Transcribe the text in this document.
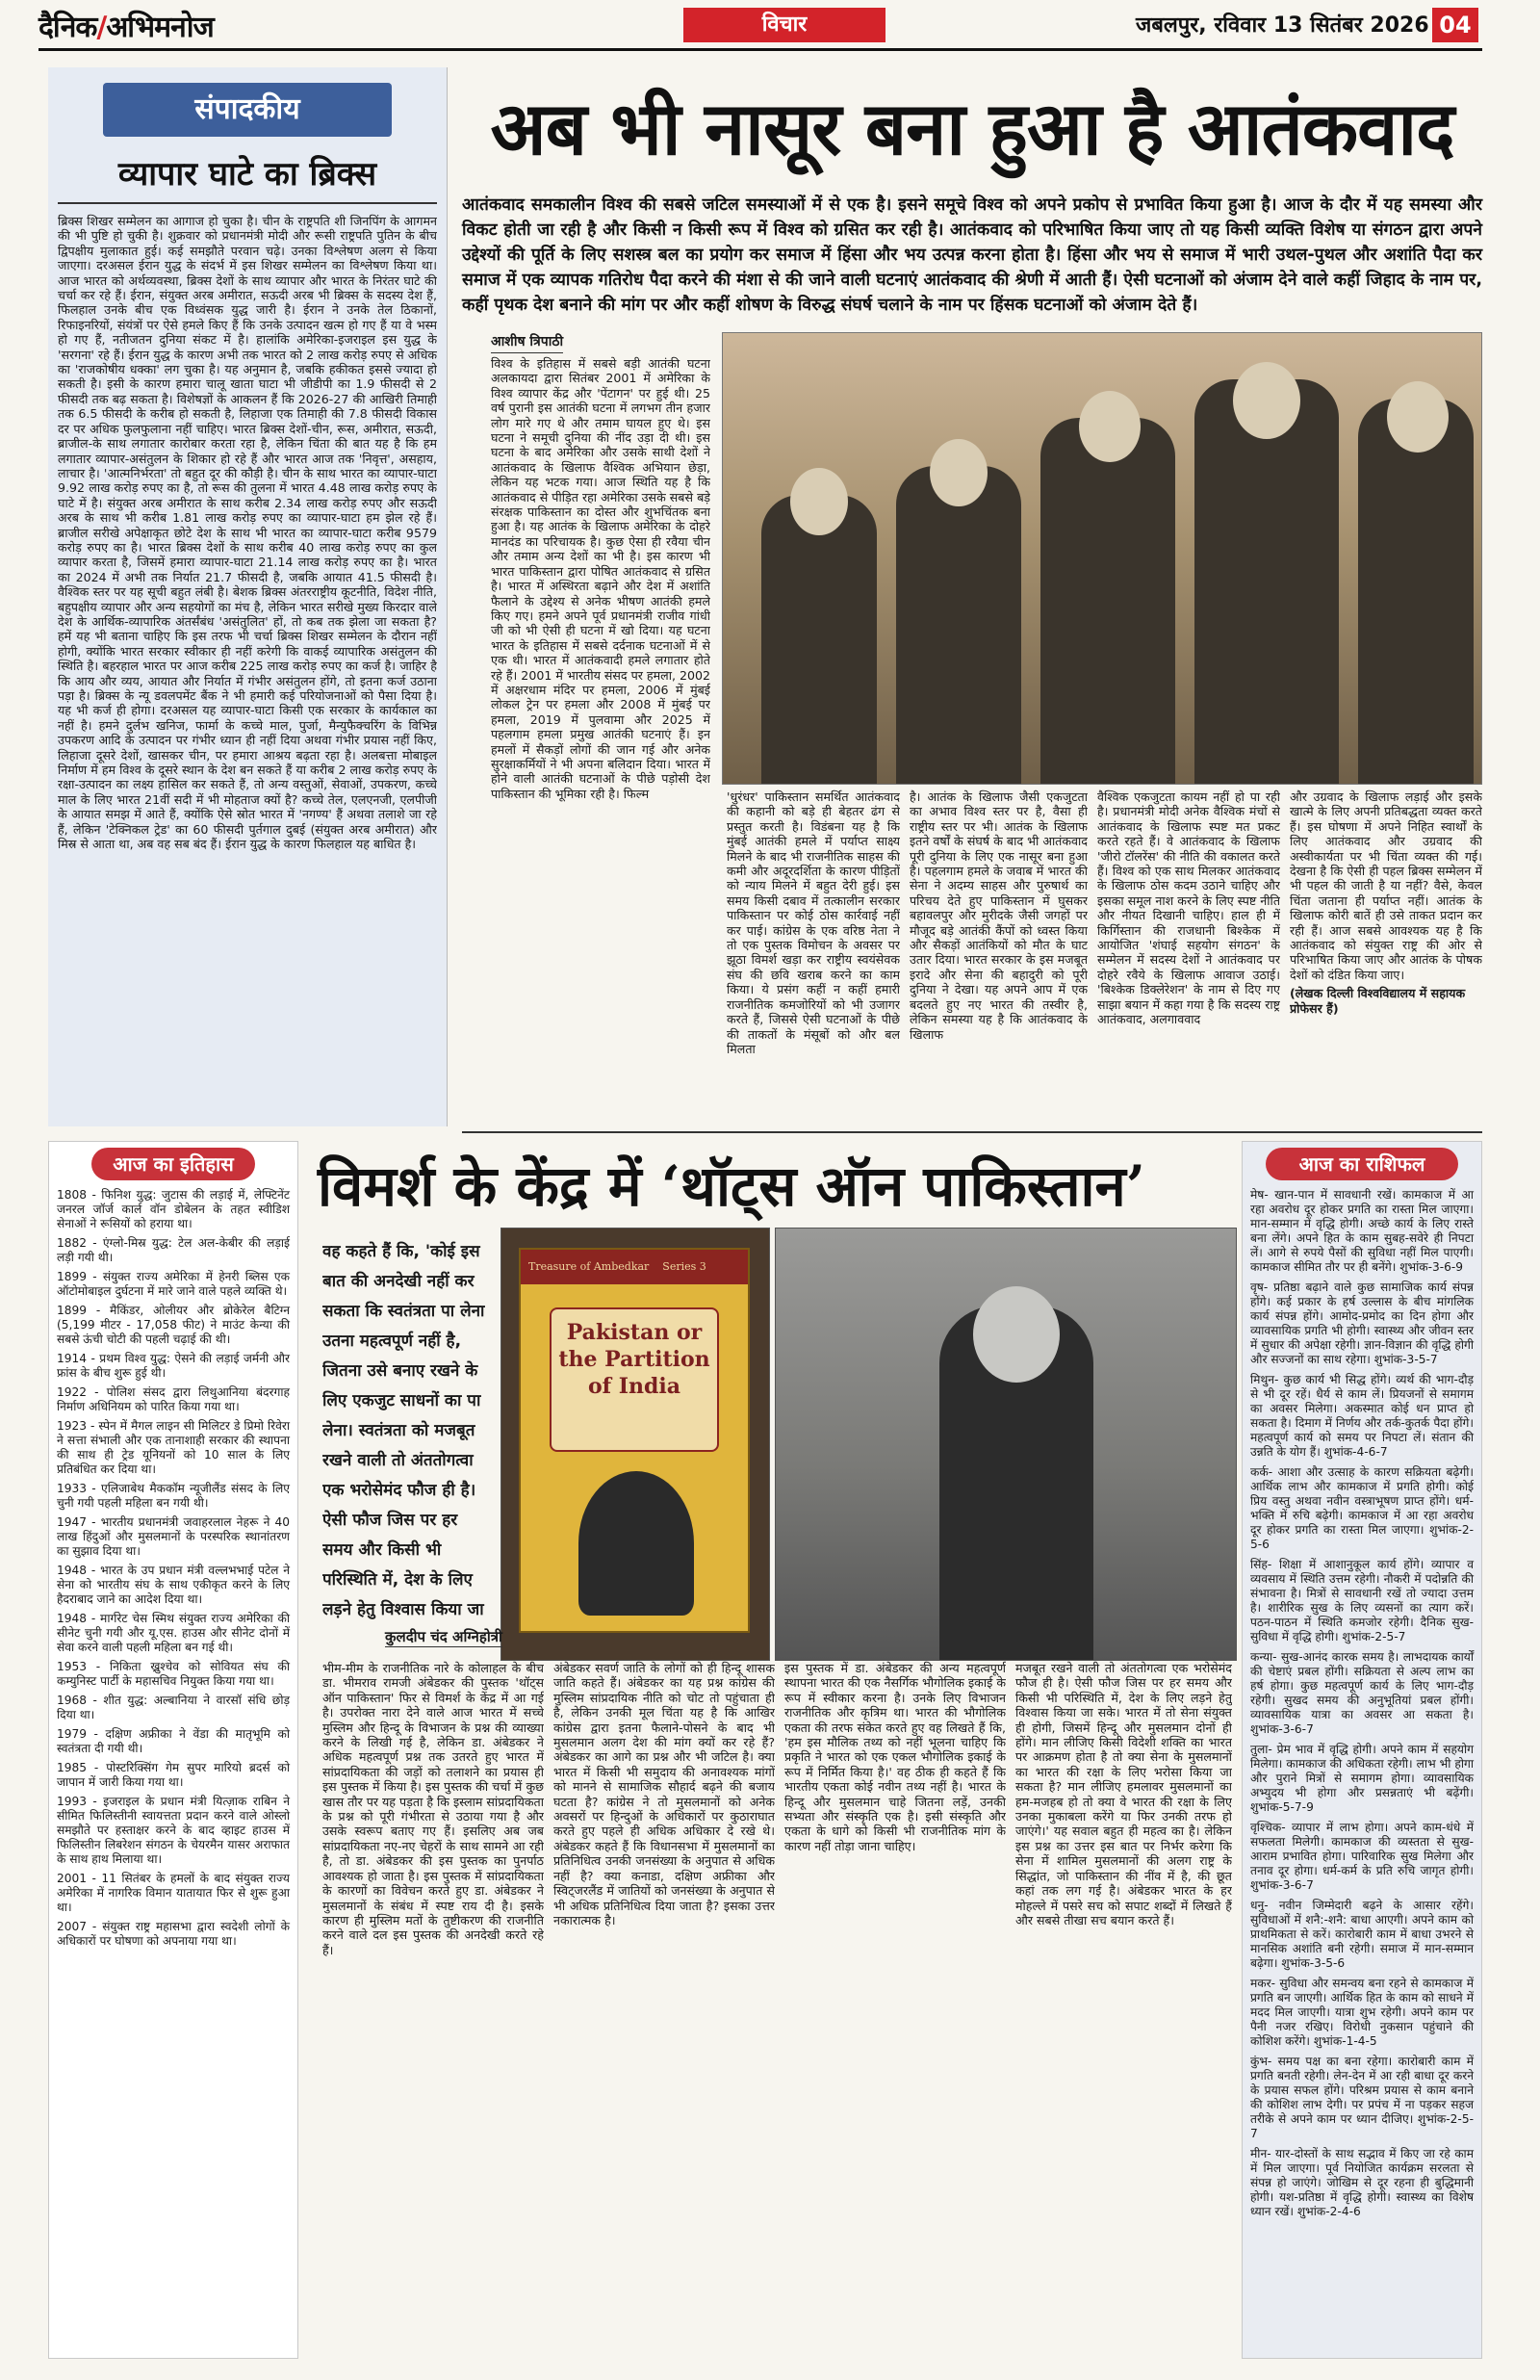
दैनिक/अभिमनोज	विचार	जबलपुर, रविवार 13 सितंबर 2026 04
संपादकीय
व्यापार घाटे का ब्रिक्स
ब्रिक्स शिखर सम्मेलन का आगाज हो चुका है। चीन के राष्ट्रपति शी जिनपिंग के आगमन की भी पुष्टि हो चुकी है। शुक्रवार को प्रधानमंत्री मोदी और रूसी राष्ट्रपति पुतिन के बीच द्विपक्षीय मुलाकात हुई। कई समझौते परवान चढ़े। उनका विश्लेषण अलग से किया जाएगा। दरअसल ईरान युद्ध के संदर्भ में इस शिखर सम्मेलन का विश्लेषण किया था। आज भारत को अर्थव्यवस्था, ब्रिक्स देशों के साथ व्यापार और भारत के निरंतर घाटे की चर्चा कर रहे हैं। ईरान, संयुक्त अरब अमीरात, सऊदी अरब भी ब्रिक्स के सदस्य देश हैं, फिलहाल उनके बीच एक विध्वंसक युद्ध जारी है। ईरान ने उनके तेल ठिकानों, रिफाइनरियों, संयंत्रों पर ऐसे हमले किए हैं कि उनके उत्पादन खत्म हो गए हैं या वे भस्म हो गए हैं, नतीजतन दुनिया संकट में है। हालांकि अमेरिका-इजराइल इस युद्ध के 'सरगना' रहे हैं। ईरान युद्ध के कारण अभी तक भारत को 2 लाख करोड़ रुपए से अधिक का 'राजकोषीय धक्का' लग चुका है। यह अनुमान है, जबकि हकीकत इससे ज्यादा हो सकती है। इसी के कारण हमारा चालू खाता घाटा भी जीडीपी का 1.9 फीसदी से 2 फीसदी तक बढ़ सकता है। विशेषज्ञों के आकलन हैं कि 2026-27 की आखिरी तिमाही तक 6.5 फीसदी के करीब हो सकती है, लिहाजा एक तिमाही की 7.8 फीसदी विकास दर पर अधिक फुलफुलाना नहीं चाहिए। भारत ब्रिक्स देशों-चीन, रूस, अमीरात, सऊदी, ब्राजील-के साथ लगातार कारोबार करता रहा है, लेकिन चिंता की बात यह है कि हम लगातार व्यापार-असंतुलन के शिकार हो रहे हैं और भारत आज तक 'निवृत्त', असहाय, लाचार है। 'आत्मनिर्भरता' तो बहुत दूर की कौड़ी है। चीन के साथ भारत का व्यापार-घाटा 9.92 लाख करोड़ रुपए का है, तो रूस की तुलना में भारत 4.48 लाख करोड़ रुपए के घाटे में है। संयुक्त अरब अमीरात के साथ करीब 2.34 लाख करोड़ रुपए और सऊदी अरब के साथ भी करीब 1.81 लाख करोड़ रुपए का व्यापार-घाटा हम झेल रहे हैं। ब्राजील सरीखे अपेक्षाकृत छोटे देश के साथ भी भारत का व्यापार-घाटा करीब 9579 करोड़ रुपए का है। भारत ब्रिक्स देशों के साथ करीब 40 लाख करोड़ रुपए का कुल व्यापार करता है, जिसमें हमारा व्यापार-घाटा 21.14 लाख करोड़ रुपए का है। भारत का 2024 में अभी तक निर्यात 21.7 फीसदी है, जबकि आयात 41.5 फीसदी है। वैश्विक स्तर पर यह सूची बहुत लंबी है। बेशक ब्रिक्स अंतरराष्ट्रीय कूटनीति, विदेश नीति, बहुपक्षीय व्यापार और अन्य सहयोगों का मंच है, लेकिन भारत सरीखे मुख्य किरदार वाले देश के आर्थिक-व्यापारिक अंतर्संबंध 'असंतुलित' हों, तो कब तक झेला जा सकता है? हमें यह भी बताना चाहिए कि इस तरफ भी चर्चा ब्रिक्स शिखर सम्मेलन के दौरान नहीं होगी, क्योंकि भारत सरकार स्वीकार ही नहीं करेगी कि वाकई व्यापारिक असंतुलन की स्थिति है। बहरहाल भारत पर आज करीब 225 लाख करोड़ रुपए का कर्ज है। जाहिर है कि आय और व्यय, आयात और निर्यात में गंभीर असंतुलन होंगे, तो इतना कर्ज उठाना पड़ा है। ब्रिक्स के न्यू डवलपमेंट बैंक ने भी हमारी कई परियोजनाओं को पैसा दिया है। यह भी कर्ज ही होगा। दरअसल यह व्यापार-घाटा किसी एक सरकार के कार्यकाल का नहीं है। हमने दुर्लभ खनिज, फार्मा के कच्चे माल, पुर्जा, मैन्युफैक्चरिंग के विभिन्न उपकरण आदि के उत्पादन पर गंभीर ध्यान ही नहीं दिया अथवा गंभीर प्रयास नहीं किए, लिहाजा दूसरे देशों, खासकर चीन, पर हमारा आश्रय बढ़ता रहा है। अलबत्ता मोबाइल निर्माण में हम विश्व के दूसरे स्थान के देश बन सकते हैं या करीब 2 लाख करोड़ रुपए के रक्षा-उत्पादन का लक्ष्य हासिल कर सकते हैं, तो अन्य वस्तुओं, सेवाओं, उपकरण, कच्चे माल के लिए भारत 21वीं सदी में भी मोहताज क्यों है? कच्चे तेल, एलएनजी, एलपीजी के आयात समझ में आते हैं, क्योंकि ऐसे स्रोत भारत में 'नगण्य' हैं अथवा तलाशे जा रहे हैं, लेकिन 'टेक्निकल ट्रेड' का 60 फीसदी पुर्तगाल दुबई (संयुक्त अरब अमीरात) और मिस्र से आता था, अब वह सब बंद हैं। ईरान युद्ध के कारण फिलहाल यह बाधित है।
अब भी नासूर बना हुआ है आतंकवाद
आतंकवाद समकालीन विश्व की सबसे जटिल समस्याओं में से एक है। इसने समूचे विश्व को अपने प्रकोप से प्रभावित किया हुआ है। आज के दौर में यह समस्या और विकट होती जा रही है और किसी न किसी रूप में विश्व को ग्रसित कर रही है। आतंकवाद को परिभाषित किया जाए तो यह किसी व्यक्ति विशेष या संगठन द्वारा अपने उद्देश्यों की पूर्ति के लिए सशस्त्र बल का प्रयोग कर समाज में हिंसा और भय उत्पन्न करना होता है। हिंसा और भय से समाज में भारी उथल-पुथल और अशांति पैदा कर समाज में एक व्यापक गतिरोध पैदा करने की मंशा से की जाने वाली घटनाएं आतंकवाद की श्रेणी में आती हैं। ऐसी घटनाओं को अंजाम देने वाले कहीं जिहाद के नाम पर, कहीं पृथक देश बनाने की मांग पर और कहीं शोषण के विरुद्ध संघर्ष चलाने के नाम पर हिंसक घटनाओं को अंजाम देते हैं।
आशीष त्रिपाठी
विश्व के इतिहास में सबसे बड़ी आतंकी घटना अलकायदा द्वारा सितंबर 2001 में अमेरिका के विश्व व्यापार केंद्र और 'पेंटागन' पर हुई थी। 25 वर्ष पुरानी इस आतंकी घटना में लगभग तीन हजार लोग मारे गए थे और तमाम घायल हुए थे। इस घटना ने समूची दुनिया की नींद उड़ा दी थी। इस घटना के बाद अमेरिका और उसके साथी देशों ने आतंकवाद के खिलाफ वैश्विक अभियान छेड़ा, लेकिन यह भटक गया। आज स्थिति यह है कि आतंकवाद से पीड़ित रहा अमेरिका उसके सबसे बड़े संरक्षक पाकिस्तान का दोस्त और शुभचिंतक बना हुआ है। यह आतंक के खिलाफ अमेरिका के दोहरे मानदंड का परिचायक है। कुछ ऐसा ही रवैया चीन और तमाम अन्य देशों का भी है। इस कारण भी भारत पाकिस्तान द्वारा पोषित आतंकवाद से ग्रसित है। भारत में अस्थिरता बढ़ाने और देश में अशांति फैलाने के उद्देश्य से अनेक भीषण आतंकी हमले किए गए। हमने अपने पूर्व प्रधानमंत्री राजीव गांधी जी को भी ऐसी ही घटना में खो दिया। यह घटना भारत के इतिहास में सबसे दर्दनाक घटनाओं में से एक थी। भारत में आतंकवादी हमले लगातार होते रहे हैं। 2001 में भारतीय संसद पर हमला, 2002 में अक्षरधाम मंदिर पर हमला, 2006 में मुंबई लोकल ट्रेन पर हमला और 2008 में मुंबई पर हमला, 2019 में पुलवामा और 2025 में पहलगाम हमला प्रमुख आतंकी घटनाएं हैं। इन हमलों में सैकड़ों लोगों की जान गई और अनेक सुरक्षाकर्मियों ने भी अपना बलिदान दिया। भारत में होने वाली आतंकी घटनाओं के पीछे पड़ोसी देश पाकिस्तान की भूमिका रही है। फिल्म	'धुरंधर' पाकिस्तान समर्थित आतंकवाद की कहानी को बड़े ही बेहतर ढंग से प्रस्तुत करती है। विडंबना यह है कि मुंबई आतंकी हमले में पर्याप्त साक्ष्य मिलने के बाद भी राजनीतिक साहस की कमी और अदूरदर्शिता के कारण पीड़ितों को न्याय मिलने में बहुत देरी हुई। इस समय किसी दबाव में तत्कालीन सरकार पाकिस्तान पर कोई ठोस कार्रवाई नहीं कर पाई। कांग्रेस के एक वरिष्ठ नेता ने तो एक पुस्तक विमोचन के अवसर पर झूठा विमर्श खड़ा कर राष्ट्रीय स्वयंसेवक संघ की छवि खराब करने का काम किया। ये प्रसंग कहीं न कहीं हमारी राजनीतिक कमजोरियों को भी उजागर करते हैं, जिससे ऐसी घटनाओं के पीछे की ताकतों के मंसूबों को और बल मिलता
है। आतंक के खिलाफ जैसी एकजुटता का अभाव विश्व स्तर पर है, वैसा ही राष्ट्रीय स्तर पर भी। आतंक के खिलाफ इतने वर्षों के संघर्ष के बाद भी आतंकवाद पूरी दुनिया के लिए एक नासूर बना हुआ है। पहलगाम हमले के जवाब में भारत की सेना ने अदम्य साहस और पुरुषार्थ का परिचय देते हुए पाकिस्तान में घुसकर बहावलपुर और मुरीदके जैसी जगहों पर मौजूद बड़े आतंकी कैंपों को ध्वस्त किया और सैकड़ों आतंकियों को मौत के घाट उतार दिया। भारत सरकार के इस मजबूत इरादे और सेना की बहादुरी को पूरी दुनिया ने देखा। यह अपने आप में एक बदलते हुए नए भारत की तस्वीर है, लेकिन समस्या यह है कि आतंकवाद के खिलाफ
वैश्विक एकजुटता कायम नहीं हो पा रही है। प्रधानमंत्री मोदी अनेक वैश्विक मंचों से आतंकवाद के खिलाफ स्पष्ट मत प्रकट करते रहते हैं। वे आतंकवाद के खिलाफ 'जीरो टॉलरेंस' की नीति की वकालत करते हैं। विश्व को एक साथ मिलकर आतंकवाद के खिलाफ ठोस कदम उठाने चाहिए और इसका समूल नाश करने के लिए स्पष्ट नीति और नीयत दिखानी चाहिए। हाल ही में किर्गिस्तान की राजधानी बिश्केक में आयोजित 'शंघाई सहयोग संगठन' के सम्मेलन में सदस्य देशों ने आतंकवाद पर दोहरे रवैये के खिलाफ आवाज उठाई। 'बिश्केक डिक्लेरेशन' के नाम से दिए गए साझा बयान में कहा गया है कि सदस्य राष्ट्र आतंकवाद, अलगाववाद
और उग्रवाद के खिलाफ लड़ाई और इसके खात्मे के लिए अपनी प्रतिबद्धता व्यक्त करते हैं। इस घोषणा में अपने निहित स्वार्थों के लिए आतंकवाद और उग्रवाद की अस्वीकार्यता पर भी चिंता व्यक्त की गई। देखना है कि ऐसी ही पहल ब्रिक्स सम्मेलन में भी पहल की जाती है या नहीं? वैसे, केवल चिंता जताना ही पर्याप्त नहीं। आतंक के खिलाफ कोरी बातें ही उसे ताकत प्रदान कर रही हैं। आज सबसे आवश्यक यह है कि आतंकवाद को संयुक्त राष्ट्र की ओर से परिभाषित किया जाए और आतंक के पोषक देशों को दंडित किया जाए।
(लेखक दिल्ली विश्वविद्यालय में सहायक प्रोफेसर हैं)
आज का इतिहास
1808 - फिनिश युद्ध: जुटास की लड़ाई में, लेफ्टिनेंट जनरल जॉर्ज कार्ल वॉन डोबेलन के तहत स्वीडिश सेनाओं ने रूसियों को हराया था।
1882 - एंग्लो-मिस्र युद्ध: टेल अल-केबीर की लड़ाई लड़ी गयी थी।
1899 - संयुक्त राज्य अमेरिका में हेनरी ब्लिस एक ऑटोमोबाइल दुर्घटना में मारे जाने वाले पहले व्यक्ति थे।
1899 - मैकिंडर, ओलीयर और ब्रोकेरेल बैटिग्न (5,199 मीटर - 17,058 फीट) ने माउंट केन्या की सबसे ऊंची चोटी की पहली चढ़ाई की थी।
1914 - प्रथम विश्व युद्ध: ऐसने की लड़ाई जर्मनी और फ्रांस के बीच शुरू हुई थी।
1922 - पोलिश संसद द्वारा लिथुआनिया बंदरगाह निर्माण अधिनियम को पारित किया गया था।
1923 - स्पेन में मैगल लाइन सी मिलिटर डे प्रिमो रिवेरा ने सत्ता संभाली और एक तानाशाही सरकार की स्थापना की साथ ही ट्रेड यूनियनों को 10 साल के लिए प्रतिबंधित कर दिया था।
1933 - एलिजाबेथ मैककॉम न्यूजीलैंड संसद के लिए चुनी गयी पहली महिला बन गयी थी।
1947 - भारतीय प्रधानमंत्री जवाहरलाल नेहरू ने 40 लाख हिंदुओं और मुसलमानों के परस्परिक स्थानांतरण का सुझाव दिया था।
1948 - भारत के उप प्रधान मंत्री वल्लभभाई पटेल ने सेना को भारतीय संघ के साथ एकीकृत करने के लिए हैदराबाद जाने का आदेश दिया था।
1948 - मार्गरेट चेस स्मिथ संयुक्त राज्य अमेरिका की सीनेट चुनी गयी और यू.एस. हाउस और सीनेट दोनों में सेवा करने वाली पहली महिला बन गई थी।
1953 - निकिता ख्रुश्चेव को सोवियत संघ की कम्युनिस्ट पार्टी के महासचिव नियुक्त किया गया था।
1968 - शीत युद्ध: अल्बानिया ने वारसॉ संधि छोड़ दिया था।
1979 - दक्षिण अफ्रीका ने वेंडा की मातृभूमि को स्वतंत्रता दी गयी थी।
1985 - पोस्टरिक्सिंग गेम सुपर मारियो ब्रदर्स को जापान में जारी किया गया था।
1993 - इजराइल के प्रधान मंत्री यित्ज़ाक राबिन ने सीमित फिलिस्तीनी स्वायत्तता प्रदान करने वाले ओस्लो समझौते पर हस्ताक्षर करने के बाद व्हाइट हाउस में फिलिस्तीन लिबरेशन संगठन के चेयरमैन यासर अराफात के साथ हाथ मिलाया था।
2001 - 11 सितंबर के हमलों के बाद संयुक्त राज्य अमेरिका में नागरिक विमान यातायात फिर से शुरू हुआ था।
2007 - संयुक्त राष्ट्र महासभा द्वारा स्वदेशी लोगों के अधिकारों पर घोषणा को अपनाया गया था।
विमर्श के केंद्र में ‘थॉट्स ऑन पाकिस्तान’
वह कहते हैं कि, 'कोई इस बात की अनदेखी नहीं कर सकता कि स्वतंत्रता पा लेना उतना महत्वपूर्ण नहीं है, जितना उसे बनाए रखने के लिए एकजुट साधनों का पा लेना। स्वतंत्रता को मजबूत रखने वाली तो अंततोगत्वा एक भरोसेमंद फौज ही है। ऐसी फौज जिस पर हर समय और किसी भी परिस्थिति में, देश के लिए लड़ने हेतु विश्वास किया जा
Treasure of Ambedkar Series 3
Pakistan or the Partition of India
कुलदीप चंद अग्निहोत्री
भीम-मीम के राजनीतिक नारे के कोलाहल के बीच डा. भीमराव रामजी अंबेडकर की पुस्तक 'थॉट्स ऑन पाकिस्तान' फिर से विमर्श के केंद्र में आ गई है। उपरोक्त नारा देने वाले आज भारत में सच्चे मुस्लिम और हिन्दू के विभाजन के प्रश्न की व्याख्या करने के लिखी गई है, लेकिन डा. अंबेडकर ने अधिक महत्वपूर्ण प्रश्न तक उतरते हुए भारत में सांप्रदायिकता की जड़ों को तलाशने का प्रयास ही इस पुस्तक में किया है। इस पुस्तक की चर्चा में कुछ खास तौर पर यह पड़ता है कि इस्लाम सांप्रदायिकता के प्रश्न को पूरी गंभीरता से उठाया गया है और उसके स्वरूप बताए गए हैं। इसलिए अब जब सांप्रदायिकता नए-नए चेहरों के साथ सामने आ रही है, तो डा. अंबेडकर की इस पुस्तक का पुनर्पाठ आवश्यक हो जाता है। इस पुस्तक में सांप्रदायिकता के कारणों का विवेचन करते हुए डा. अंबेडकर ने मुसलमानों के संबंध में स्पष्ट राय दी है। इसके कारण ही मुस्लिम मतों के तुष्टीकरण की राजनीति करने वाले दल इस पुस्तक की अनदेखी करते रहे हैं।
अंबेडकर सवर्ण जाति के लोगों को ही हिन्दू शासक जाति कहते हैं। अंबेडकर का यह प्रश्न कांग्रेस की मुस्लिम सांप्रदायिक नीति को चोट तो पहुंचाता ही है, लेकिन उनकी मूल चिंता यह है कि आखिर कांग्रेस द्वारा इतना फैलाने-पोसने के बाद भी मुसलमान अलग देश की मांग क्यों कर रहे हैं? अंबेडकर का आगे का प्रश्न और भी जटिल है। क्या भारत में किसी भी समुदाय की अनावश्यक मांगों को मानने से सामाजिक सौहार्द बढ़ने की बजाय घटता है? कांग्रेस ने तो मुसलमानों को अनेक अवसरों पर हिन्दुओं के अधिकारों पर कुठाराघात करते हुए पहले ही अधिक अधिकार दे रखे थे। अंबेडकर कहते हैं कि विधानसभा में मुसलमानों का प्रतिनिधित्व उनकी जनसंख्या के अनुपात से अधिक नहीं है? क्या कनाडा, दक्षिण अफ्रीका और स्विट्जरलैंड में जातियों को जनसंख्या के अनुपात से भी अधिक प्रतिनिधित्व दिया जाता है? इसका उत्तर नकारात्मक है।
इस पुस्तक में डा. अंबेडकर की अन्य महत्वपूर्ण स्थापना भारत की एक नैसर्गिक भौगोलिक इकाई के रूप में स्वीकार करना है। उनके लिए विभाजन राजनीतिक और कृत्रिम था। भारत की भौगोलिक एकता की तरफ संकेत करते हुए वह लिखते हैं कि, 'हम इस मौलिक तथ्य को नहीं भूलना चाहिए कि प्रकृति ने भारत को एक एकल भौगोलिक इकाई के रूप में निर्मित किया है।' वह ठीक ही कहते हैं कि भारतीय एकता कोई नवीन तथ्य नहीं है। भारत के हिन्दू और मुसलमान चाहे जितना लड़ें, उनकी सभ्यता और संस्कृति एक है। इसी संस्कृति और एकता के धागे को किसी भी राजनीतिक मांग के कारण नहीं तोड़ा जाना चाहिए।
मजबूत रखने वाली तो अंततोगत्वा एक भरोसेमंद फौज ही है। ऐसी फौज जिस पर हर समय और किसी भी परिस्थिति में, देश के लिए लड़ने हेतु विश्वास किया जा सके। भारत में तो सेना संयुक्त ही होगी, जिसमें हिन्दू और मुसलमान दोनों ही होंगे। मान लीजिए किसी विदेशी शक्ति का भारत पर आक्रमण होता है तो क्या सेना के मुसलमानों का भारत की रक्षा के लिए भरोसा किया जा सकता है? मान लीजिए हमलावर मुसलमानों का हम-मजहब हो तो क्या वे भारत की रक्षा के लिए उनका मुकाबला करेंगे या फिर उनकी तरफ हो जाएंगे।' यह सवाल बहुत ही महत्व का है। लेकिन इस प्रश्न का उत्तर इस बात पर निर्भर करेगा कि सेना में शामिल मुसलमानों की अलग राष्ट्र के सिद्धांत, जो पाकिस्तान की नींव में है, की छूत कहां तक लग गई है। अंबेडकर भारत के हर मोहल्ले में पसरे सच को सपाट शब्दों में लिखते हैं और सबसे तीखा सच बयान करते हैं।
आज का राशिफल
मेष- खान-पान में सावधानी रखें। कामकाज में आ रहा अवरोध दूर होकर प्रगति का रास्ता मिल जाएगा। मान-सम्मान में वृद्धि होगी। अच्छे कार्य के लिए रास्ते बना लेंगे। अपने हित के काम सुबह-सवेरे ही निपटा लें। आगे से रुपये पैसों की सुविधा नहीं मिल पाएगी। कामकाज सीमित तौर पर ही बनेंगे। शुभांक-3-6-9
वृष- प्रतिष्ठा बढ़ाने वाले कुछ सामाजिक कार्य संपन्न होंगे। कई प्रकार के हर्ष उल्लास के बीच मांगलिक कार्य संपन्न होंगे। आमोद-प्रमोद का दिन होगा और व्यावसायिक प्रगति भी होगी। स्वास्थ्य और जीवन स्तर में सुधार की अपेक्षा रहेगी। ज्ञान-विज्ञान की वृद्धि होगी और सज्जनों का साथ रहेगा। शुभांक-3-5-7
मिथुन- कुछ कार्य भी सिद्ध होंगे। व्यर्थ की भाग-दौड़ से भी दूर रहें। धैर्य से काम लें। प्रियजनों से समागम का अवसर मिलेगा। अकस्मात कोई धन प्राप्त हो सकता है। दिमाग में निर्णय और तर्क-कुतर्क पैदा होंगे। महत्वपूर्ण कार्य को समय पर निपटा लें। संतान की उन्नति के योग हैं। शुभांक-4-6-7
कर्क- आशा और उत्साह के कारण सक्रियता बढ़ेगी। आर्थिक लाभ और कामकाज में प्रगति होगी। कोई प्रिय वस्तु अथवा नवीन वस्त्राभूषण प्राप्त होंगे। धर्म-भक्ति में रुचि बढ़ेगी। कामकाज में आ रहा अवरोध दूर होकर प्रगति का रास्ता मिल जाएगा। शुभांक-2-5-6
सिंह- शिक्षा में आशानुकूल कार्य होंगे। व्यापार व व्यवसाय में स्थिति उत्तम रहेगी। नौकरी में पदोन्नति की संभावना है। मित्रों से सावधानी रखें तो ज्यादा उत्तम है। शारीरिक सुख के लिए व्यसनों का त्याग करें। पठन-पाठन में स्थिति कमजोर रहेगी। दैनिक सुख-सुविधा में वृद्धि होगी। शुभांक-2-5-7
कन्या- सुख-आनंद कारक समय है। लाभदायक कार्यों की चेष्टाएं प्रबल होंगी। सक्रियता से अल्प लाभ का हर्ष होगा। कुछ महत्वपूर्ण कार्य के लिए भाग-दौड़ रहेगी। सुखद समय की अनुभूतियां प्रबल होंगी। व्यावसायिक यात्रा का अवसर आ सकता है। शुभांक-3-6-7
तुला- प्रेम भाव में वृद्धि होगी। अपने काम में सहयोग मिलेगा। कामकाज की अधिकता रहेगी। लाभ भी होगा और पुराने मित्रों से समागम होगा। व्यावसायिक अभ्युदय भी होगा और प्रसन्नताएं भी बढ़ेंगी। शुभांक-5-7-9
वृश्चिक- व्यापार में लाभ होगा। अपने काम-धंधे में सफलता मिलेगी। कामकाज की व्यस्तता से सुख-आराम प्रभावित होगा। पारिवारिक सुख मिलेगा और तनाव दूर होगा। धर्म-कर्म के प्रति रुचि जागृत होगी। शुभांक-3-6-7
धनु- नवीन जिम्मेदारी बढ़ने के आसार रहेंगे। सुविधाओं में शनै:-शनै: बाधा आएगी। अपने काम को प्राथमिकता से करें। कारोबारी काम में बाधा उभरने से मानसिक अशांति बनी रहेगी। समाज में मान-सम्मान बढ़ेगा। शुभांक-3-5-6
मकर- सुविधा और समन्वय बना रहने से कामकाज में प्रगति बन जाएगी। आर्थिक हित के काम को साधने में मदद मिल जाएगी। यात्रा शुभ रहेगी। अपने काम पर पैनी नजर रखिए। विरोधी नुकसान पहुंचाने की कोशिश करेंगे। शुभांक-1-4-5
कुंभ- समय पक्ष का बना रहेगा। कारोबारी काम में प्रगति बनती रहेगी। लेन-देन में आ रही बाधा दूर करने के प्रयास सफल होंगे। परिश्रम प्रयास से काम बनाने की कोशिश लाभ देगी। पर प्रपंच में ना पड़कर सहज तरीके से अपने काम पर ध्यान दीजिए। शुभांक-2-5-7
मीन- यार-दोस्तों के साथ सद्भाव में किए जा रहे काम में मिल जाएगा। पूर्व नियोजित कार्यक्रम सरलता से संपन्न हो जाएंगे। जोखिम से दूर रहना ही बुद्धिमानी होगी। यश-प्रतिष्ठा में वृद्धि होगी। स्वास्थ्य का विशेष ध्यान रखें। शुभांक-2-4-6
